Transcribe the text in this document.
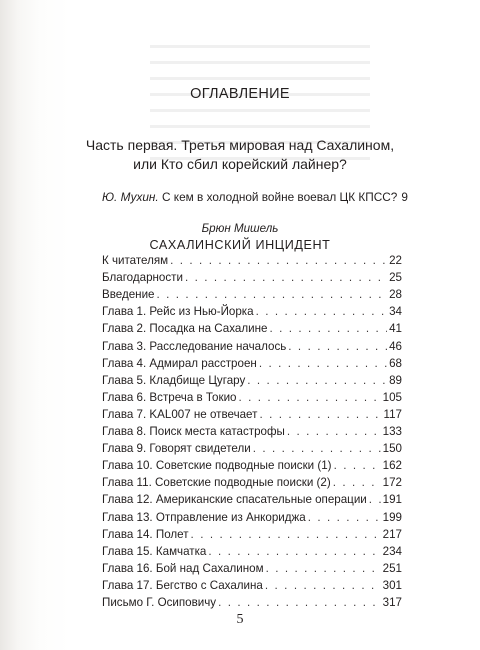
ОГЛАВЛЕНИЕ
Часть первая. Третья мировая над Сахалином,
или Кто сбил корейский лайнер?
Ю. Мухин. С кем в холодной войне воевал ЦК КПСС? 9
Брюн Мишель
САХАЛИНСКИЙ ИНЦИДЕНТ
К читателям . . .	22
Благодарности . . .	25
Введение . . .	28
Глава 1. Рейс из Нью-Йорка . . .	34
Глава 2. Посадка на Сахалине . . .	41
Глава 3. Расследование началось . . .	46
Глава 4. Адмирал расстроен . . .	68
Глава 5. Кладбище Цугару . . .	89
Глава 6. Встреча в Токио . . .	105
Глава 7. KAL007 не отвечает . . .	117
Глава 8. Поиск места катастрофы . . .	133
Глава 9. Говорят свидетели . . .	150
Глава 10. Советские подводные поиски (1) . . .	162
Глава 11. Советские подводные поиски (2) . . .	172
Глава 12. Американские спасательные операции . . . 191
Глава 13. Отправление из Анкориджа . . .	199
Глава 14. Полет . . .	217
Глава 15. Камчатка . . .	234
Глава 16. Бой над Сахалином . . .	251
Глава 17. Бегство с Сахалина . . .	301
Письмо Г. Осиповичу . . .	317
5
